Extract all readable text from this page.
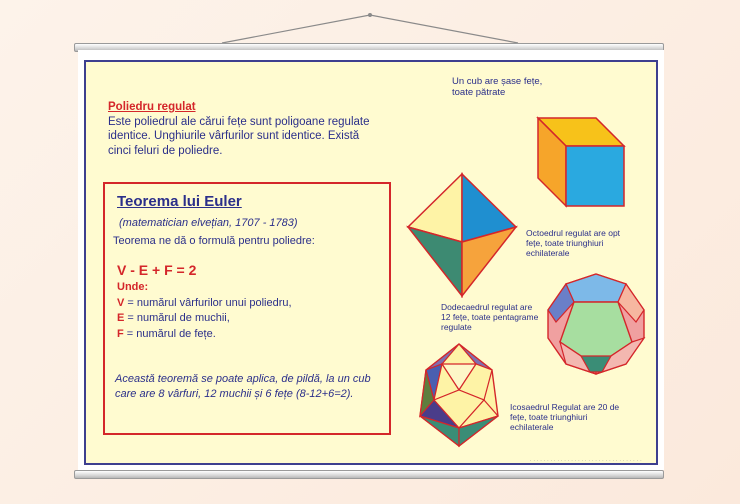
Poliedru regulat
Este poliedrul ale cărui fețe sunt poligoane regulate identice. Unghiurile vârfurilor sunt identice. Există cinci feluri de poliedre.
Teorema lui Euler
(matematician elvețian, 1707 - 1783)
Teorema ne dă o formulă pentru poliedre:
V - E + F = 2
Unde:
V = numărul vârfurilor unui poliedru,
E = numărul de muchii,
F = numărul de fețe.
Această teoremă se poate aplica, de pildă, la un cub care are 8 vârfuri, 12 muchii și 6 fețe (8-12+6=2).
Un cub are șase fețe, toate pătrate
Octoedrul regulat are opt fețe, toate triunghiuri echilaterale
Dodecaedrul regulat are 12 fețe, toate pentagrame regulate
Icosaedrul Regulat are 20 de fețe, toate triunghiuri echilaterale
· · · · · · · · · · · · · · · · · · · · · · · · · · · · · · · · ·
